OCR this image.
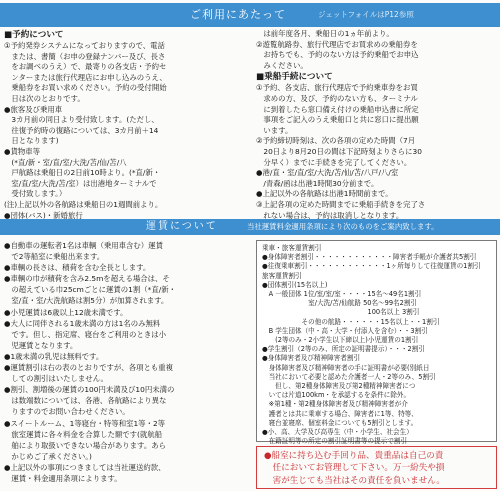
ご利用にあたって	ジェットフォイルはP12参照
■予約について
①予約発券システムになっておりますので、電話
　または、書簡（お申の登録ナンバー及び、長さ
　をお調べのうえ）で、最寄りの各支店・予約セ
　ンターまたは旅行代理店にお申し込みのうえ、
　乗船券をお買い求めください。予約の受付開始
　日は次のとおりです。
●旅客及び乗用車
　3カ月前の同日より受付致します。(ただし、
　往復予約時の復路については、3カ月前＋14
　日となります)
●貨物車等
　(*直/新・室/直/室/大洗/苫/仙/苫/八
　戸航路は乗船日の2日前10時より。(*直/新・
　室/直/室/大洗/苫/室）は出港地ターミナルで
　受付致します。）
(注)上記以外の各航路は乗船日の1週間前より。
●団体(バス)・新婚旅行
　は前年度各月、乗船日の1ヵ年前より。
②遊覧航路券、旅行代理店でお買求めの乗船券を
　お持ちでも、予約のない方は予約乗船でお申込
　みください。
■乗船手続について
①予約、各支店、旅行代理店で予約乗車券をお買
　求めの方、及び、予約のない方も、ターミナル
　に到着したら窓口備え付けの乗船申込書に所定
　事項をご記入のうえ乗船口と共に窓口に提出願
　います。
②予約締切時刻は、次の各項の定めた時間（7月
　20日より8月20日の間は下記時刻よりさらに30
　分早く）までに手続きを完了してください。
●港/直・室/直/室/大洗/苫/仙/苫/八戸/八/室
　/青森/函は出港1時間30分前まで。
●上記以外の各航路は出港1時間前まで。
③上記各項の定めた時間までに乗船手続きを完了さ
　れない場合は、予約は取消しとなります。
運賃について	当社運賃料金適用条項により次のものをご案内致します。
●自動車の運転者1名は車輌（乗用車含む）運賃
　で2等船室に乗船出来ます。
●車輌の長さは、積荷を含む全長とします。
●車輌の巾が積荷を含み2.5mを超える場合は、そ
　の超えている巾25cmごとに運賃の1割（*直/新・
　室/直・室/大洗航路は割5分）が加算されます。
●小児運賃は6歳以上12歳未満です。
●大人に同伴される1歳未満の方は1名のみ無料
　です。但し、指定席、寝台をご利用のときは小
　児運賃となります。
●1歳未満の乳児は無料です。
●運賃割引は右の表のとおりですが、各項とも重複
　しての割引はいたしません。
●割引、割増後の運賃の100円未満及び10円未満の
　は数端数については、各港、各航路により異な
　りますのでお問い合わせください。
●スイートルーム、1等寝台・特等和室1等・2等
　旅室運賃に各々料金を合算した額です(就航船
　舶により取扱いできない場合があります。あら
　かじめご了承ください。)
●上記以外の事項につきましては当社運送約款、
　運賃・料金適用条項によります。
乗車・旅客運賃割引
●身体障害者割引・・・・・・・・・・・・障害者手帳が介護者共5割引
●往復乗車割引・・・・・・・・・・・・1ヶ所毎りして往復運賃の1割引
旅客運賃割引
●団体割引(15名以上)
　A 一般団体 1位/室/室/室・・・・15名〜49名1割引
　　　　　　　室/大洗/苫/仙航路 50名〜99名2割引
　　　　　　　　　　　　　　　　100名以上 3割引
　　　　　　その他の航路・・・・・・15名以上・・1割引
　B 学生団体（中・高・大学・付添人を含む）・・3割引
　　(2等のみ・2小学生以下締以上)小児運賃の1割引
●学生割引（2等のみ、所定の証明書提示）・・・2割引
●身体障害者及び精神障害者割引
　身体障害者及び精神障害者の手に証明書が必要(別紙日
　当社において必要と認めた介護者一人・2等のみ、5割引
　　但し、第2種身体障害及び第2種精神障害者につ
　いては片道100km・を承認するを条件に除外。
　※第1種・第2種身体障害者及び精神障害者が介
　護者とは共に乗車する場合、障害者に1等、特等、
　寝台並寝席、個室料金についても5割引とします。
●小、高、大学及び高専生（中・小学生、社会生）
　在籍証明等の所定の割引証明書等の提示で割引
●船室に持ち込む手回り品、貴重品は自己の責
　任においてお管理して下さい。万一紛失や損
　害が生じても当社はその責任を負いません。
